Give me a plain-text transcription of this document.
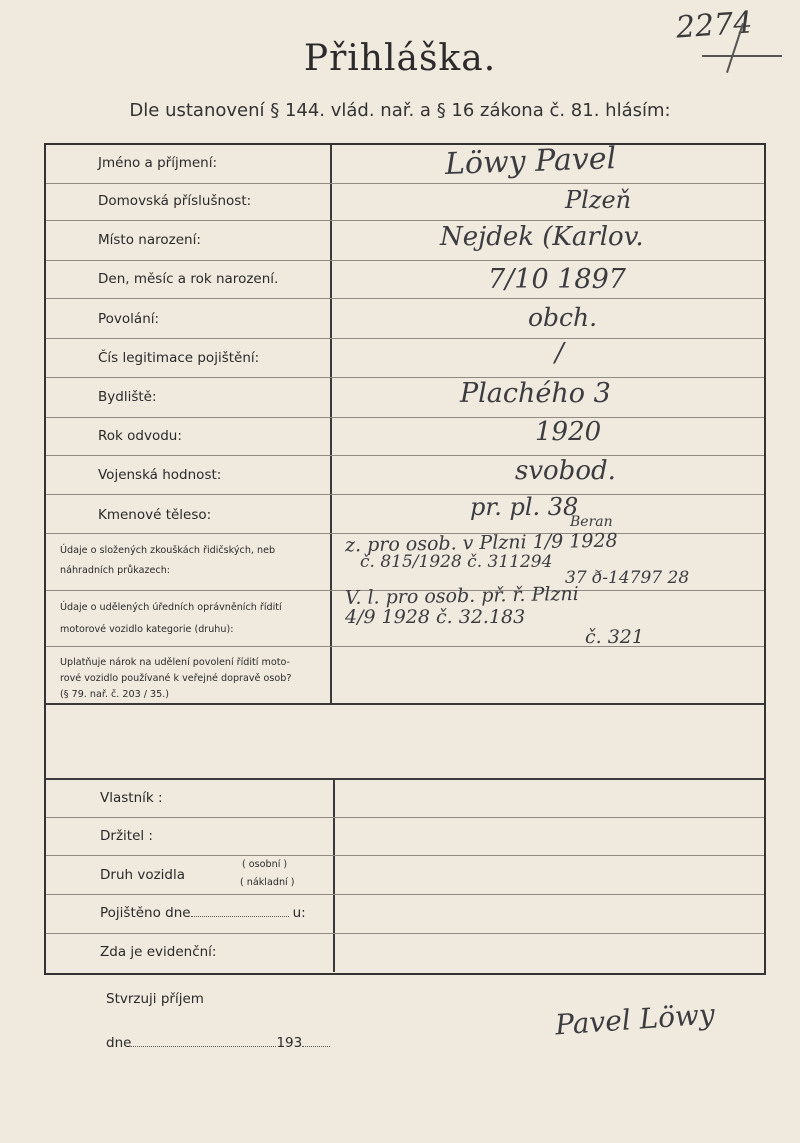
2274
Přihláška.
Dle ustanovení § 144. vlád. nař. a § 16 zákona č. 81. hlásím:
Jméno a příjmení:
Domovská příslušnost:
Místo narození:
Den, měsíc a rok narození.
Povolání:
Čís legitimace pojištění:
Bydliště:
Rok odvodu:
Vojenská hodnost:
Kmenové těleso:
Löwy Pavel
Plzeň
Nejdek (Karlov.
7/10 1897
obch.
/
Plachého 3
1920
svobod.
pr. pl. 38
Údaje o složených zkouškách řidičských, neb
náhradních průkazech:
Beran
z. pro osob. v Plzni 1/9 1928
č. 815/1928 č. 311294
37 ð-14797 28
Údaje o udělených úředních oprávněních řídití
motorové vozidlo kategorie (druhu):
V. l. pro osob. př. ř. Plzni
4/9 1928 č. 32.183
č. 321
Uplatňuje nárok na udělení povolení řídití moto-
rové vozidlo používané k veřejné dopravě osob?
(§ 79. nař. č. 203 / 35.)
Vlastník :
Držitel :
Druh vozidla
( osobní )
( nákladní )
Pojištěno dne	u:
Zda je evidenční:
Stvrzuji příjem
dne	193
Pavel Löwy
